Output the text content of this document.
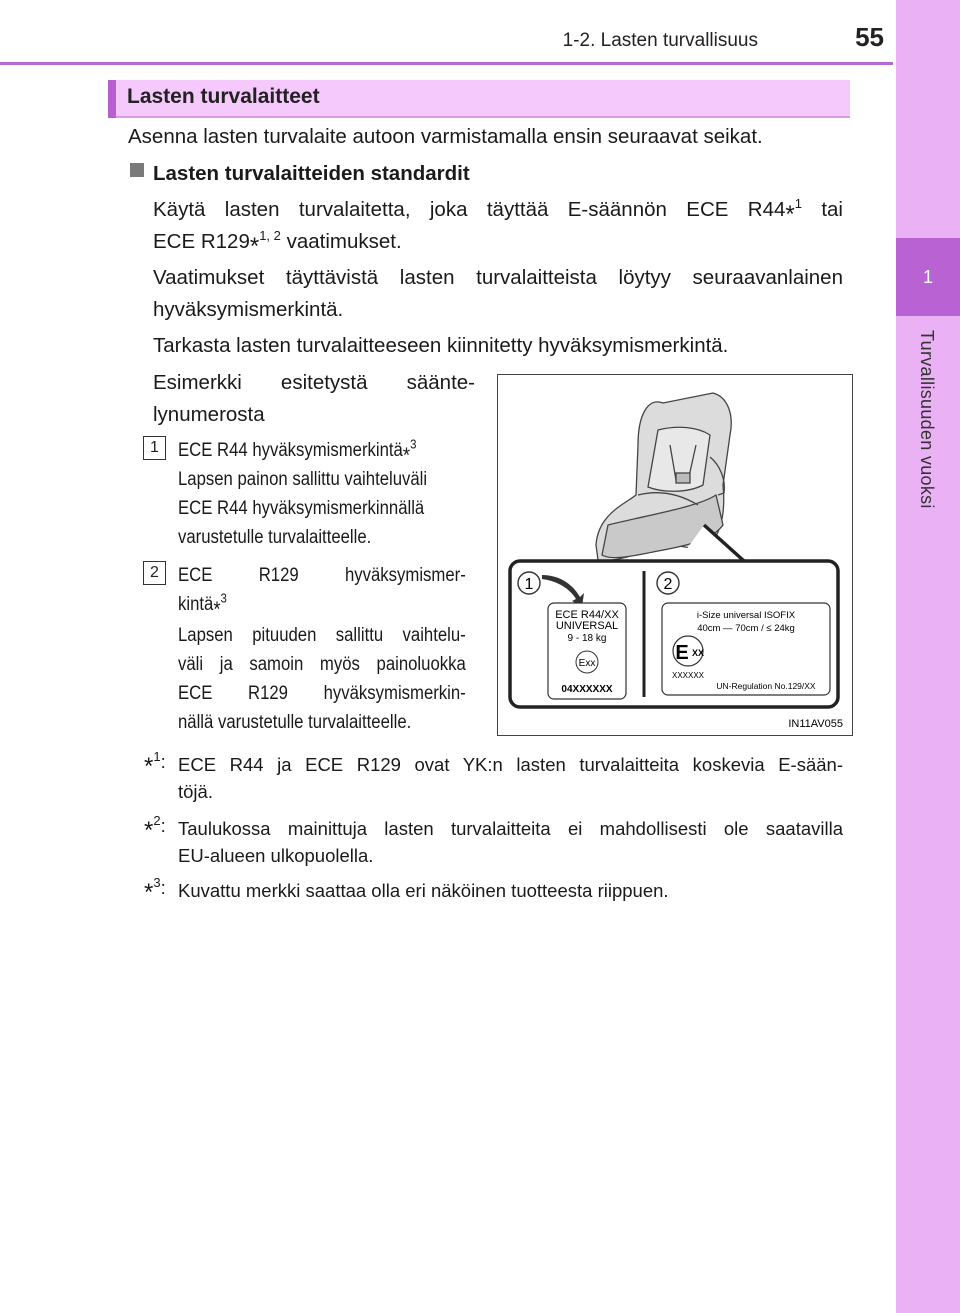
1-2. Lasten turvallisuus	55
1
Turvallisuuden vuoksi
Lasten turvalaitteet
Asenna lasten turvalaite autoon varmistamalla ensin seuraavat seikat.
Lasten turvalaitteiden standardit
Käytä lasten turvalaitetta, joka täyttää E-säännön ECE R44*$^1$ tai
ECE R129*$^{1, 2}$ vaatimukset.
Vaatimukset täyttävistä lasten turvalaitteista löytyy seuraavanlainen
hyväksymismerkintä.
Tarkasta lasten turvalaitteeseen kiinnitetty hyväksymismerkintä.
Esimerkki esitetystä säänte-
lynumerosta
1	ECE R44 hyväksymismerkintä*$^3$
Lapsen painon sallittu vaihteluväli
ECE R44 hyväksymismerkinnällä
varustetulle turvalaitteelle.
2	ECE R129 hyväksymismer-
kintä*$^3$
Lapsen pituuden sallittu vaihtelu-
väli ja samoin myös painoluokka
ECE R129 hyväksymismerkin-
nällä varustetulle turvalaitteelle.
1	2
ECE R44/XX
UNIVERSAL
9 - 18 kg
Exx
04XXXXXX
i-Size universal ISOFIX
40cm — 70cm / ≤ 24kg
E XX
XXXXXX
UN-Regulation No.129/XX
IN11AV055
*$^1$: ECE R44 ja ECE R129 ovat YK:n lasten turvalaitteita koskevia E-sään-
töjä.
*$^2$: Taulukossa mainittuja lasten turvalaitteita ei mahdollisesti ole saatavilla
EU-alueen ulkopuolella.
*$^3$: Kuvattu merkki saattaa olla eri näköinen tuotteesta riippuen.
